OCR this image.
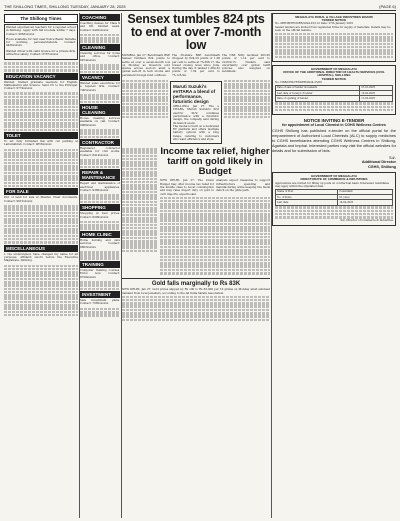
THE SHILLONG TIMES, SHILLONG TUESDAY, JANUARY 28, 2025	(PAGE 6)
The Shillong Times
Wanted experienced teachers for a reputed school in Shillong. Apply with full bio-data within 7 days. Contact: 9863xxxxxx
Room available for rent near Police Bazar. Suitable for working persons/students. Contact: 9436xxxxxx
Wanted driver with valid licence for a private firm. Attractive salary. Contact: 8787xxxxxx
EDUCATION VACANCY
Wanted: trained graduate teachers for English, Mathematics and Science. Send CV to the Principal. Contact: 9774xxxxxx
TOLET
To let: fully furnished flat with car parking at Laitumkhrah. Contact: 9856xxxxxx
FOR SALE
Plot of land for sale at Mawlai. Clear documents. Contact: 9615xxxxxx
MISCELLANEOUS
I, the undersigned, have changed my name for all purposes. Affidavit sworn before the Executive Magistrate, Shillong.
COACHING
Coaching classes for Class X and XII. Limited seats. Contact: 9402xxxxxx
CLEANING
Cleaning services for home and office. Contact: 8974xxxxxx
VACANCY
Wanted sales executives for a reputed firm. Contact: 7005xxxxxx
HOUSE CLEANING
House cleaning services available on call. Contact: 9089xxxxxx
CONTRACTOR
Registered contractor available for civil works. Contact: 8414xxxxxx
REPAIR & MAINTENANCE
Repair and maintenance of electrical appliances. Contact: 9366xxxxxx
SHOPPING
Shopping at best prices. Contact: 6009xxxxxx
HOME CLINIC
Home nursing and care services. Contact: 9863xxxxxx
TRAINING
Computer training courses. Enrol now. Contact: 8729xxxxxx
INVESTMENT
Safe investment plans. Contact: 7085xxxxxx
Sensex tumbles 824 pts to end at over 7-month low
MUMBAI, Jan 27: Benchmark BSE Sensex tumbled 824 points to settle at over a seven-month low on Monday as investors sold shares across sectors amid a global sell-off in tech stocks and persistent foreign fund outflows.
The 30-share BSE benchmark dropped by 824.29 points or 1.08 per cent to settle at 75,366.17, the lowest closing level since June. During the day, it tanked 1,064.52 points or 1.39 per cent to 75,125.94.
The NSE Nifty declined 263.05 points or 1.14 per cent to 22,829.15. Traders said uncertainty over global tariff policies also weighed on sentiment.
Maruti Suzuki's eVITARA a blend of performance, futuristic design
SHILLONG, Jan 27: The e VITARA, Maruti Suzuki's first electric SUV, combines performance with a futuristic design, the company said during its launch event.
The model is built on a dedicated EV platform and offers multiple battery options with a long range, catering to customers who want efficiency and style.
Income tax relief, higher tariff on gold likely in Budget
NEW DELHI, Jan 27: The Union Budget may offer income tax relief for the middle class to boost consumption and may raise import duty on gold to curb imports, experts said.
Analysts expect measures to support infrastructure spending and manufacturing while keeping the fiscal deficit on the glide path.
Gold falls marginally to Rs 83K
NEW DELHI, Jan 27: Gold prices slipped by Rs 100 to Rs 83,000 per 10 grams on Monday amid subdued demand from local jewellers, according to the All India Sarafa Association.
MEGHALAYA RURAL & VILLAGE INDUSTRIES BOARD
TENDER NOTICE
No. MRVIB/TENDER/2024-25/112 Date: 27th January 2025
Sealed tenders are invited from registered firms for supply of materials. Details may be seen on the official website.
GOVERNMENT OF MEGHALAYA
OFFICE OF THE ADDITIONAL DIRECTOR OF HEALTH SERVICES (CIVIL HOSPITAL), SHILLONG
TENDER NOTICE
No. HSB/CHS/TENDER/2024-25/09
Date of sale of tender documents	27-01-2025
Last date of receipt of tender	10-02-2025
Date of opening of tender	11-02-2025
NOTICE INVITING E-TENDER
for appointment of Local Chemist in CGHS Wellness Centres
CGHS Shillong has published e-tender on the official portal for the empanelment of Authorized Local Chemists (ALC) to supply medicines to CGHS beneficiaries attending CGHS Wellness Centres in Shillong, Agartala and Imphal. Interested parties may visit the official websites for details and for submission of bids.
Sd/-
Additional Director
CGHS, Shillong
GOVERNMENT OF MEGHALAYA
DIRECTORATE OF COMMERCE & INDUSTRIES
Applications are invited for filling up posts on contractual basis. Interested candidates may apply within the stipulated date.
Name of Post	Consultant
No. of Posts	01 (one)
Last date	14-02-2025
Sd/- Director of Commerce & Industries
